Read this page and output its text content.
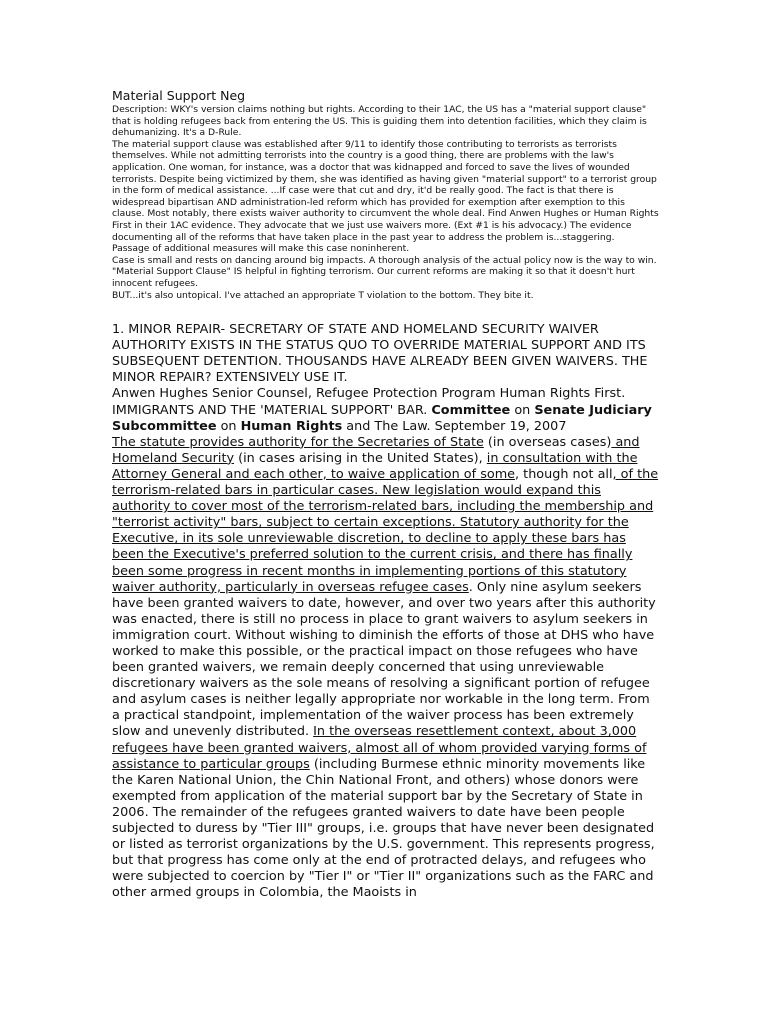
Material Support Neg

Description: WKY's version claims nothing but rights. According to their 1AC, the US has a "material support clause" that is holding refugees back from entering the US. This is guiding them into detention facilities, which they claim is dehumanizing. It's a D-Rule.

The material support clause was established after 9/11 to identify those contributing to terrorists as terrorists themselves. While not admitting terrorists into the country is a good thing, there are problems with the law's application. One woman, for instance, was a doctor that was kidnapped and forced to save the lives of wounded terrorists. Despite being victimized by them, she was identified as having given "material support" to a terrorist group in the form of medical assistance. ...If case were that cut and dry, it'd be really good. The fact is that there is widespread bipartisan AND administration-led reform which has provided for exemption after exemption to this clause. Most notably, there exists waiver authority to circumvent the whole deal. Find Anwen Hughes or Human Rights First in their 1AC evidence. They advocate that we just use waivers more. (Ext #1 is his advocacy.) The evidence documenting all of the reforms that have taken place in the past year to address the problem is...staggering.

Passage of additional measures will make this case noninherent.

Case is small and rests on dancing around big impacts. A thorough analysis of the actual policy now is the way to win. "Material Support Clause" IS helpful in fighting terrorism. Our current reforms are making it so that it doesn't hurt innocent refugees.

BUT...it's also untopical. I've attached an appropriate T violation to the bottom. They bite it.

1. MINOR REPAIR- SECRETARY OF STATE AND HOMELAND SECURITY WAIVER AUTHORITY EXISTS IN THE STATUS QUO TO OVERRIDE MATERIAL SUPPORT AND ITS SUBSEQUENT DETENTION. THOUSANDS HAVE ALREADY BEEN GIVEN WAIVERS. THE MINOR REPAIR? EXTENSIVELY USE IT.

Anwen Hughes Senior Counsel, Refugee Protection Program Human Rights First. IMMIGRANTS AND THE 'MATERIAL SUPPORT' BAR. Committee on Senate Judiciary Subcommittee on Human Rights and The Law. September 19, 2007

The statute provides authority for the Secretaries of State (in overseas cases) and Homeland Security (in cases arising in the United States), in consultation with the Attorney General and each other, to waive application of some, though not all, of the terrorism-related bars in particular cases. New legislation would expand this authority to cover most of the terrorism-related bars, including the membership and "terrorist activity" bars, subject to certain exceptions. Statutory authority for the Executive, in its sole unreviewable discretion, to decline to apply these bars has been the Executive's preferred solution to the current crisis, and there has finally been some progress in recent months in implementing portions of this statutory waiver authority, particularly in overseas refugee cases. Only nine asylum seekers have been granted waivers to date, however, and over two years after this authority was enacted, there is still no process in place to grant waivers to asylum seekers in immigration court. Without wishing to diminish the efforts of those at DHS who have worked to make this possible, or the practical impact on those refugees who have been granted waivers, we remain deeply concerned that using unreviewable discretionary waivers as the sole means of resolving a significant portion of refugee and asylum cases is neither legally appropriate nor workable in the long term. From a practical standpoint, implementation of the waiver process has been extremely slow and unevenly distributed. In the overseas resettlement context, about 3,000 refugees have been granted waivers, almost all of whom provided varying forms of assistance to particular groups (including Burmese ethnic minority movements like the Karen National Union, the Chin National Front, and others) whose donors were exempted from application of the material support bar by the Secretary of State in 2006. The remainder of the refugees granted waivers to date have been people subjected to duress by "Tier III" groups, i.e. groups that have never been designated or listed as terrorist organizations by the U.S. government. This represents progress, but that progress has come only at the end of protracted delays, and refugees who were subjected to coercion by "Tier I" or "Tier II" organizations such as the FARC and other armed groups in Colombia, the Maoists in
